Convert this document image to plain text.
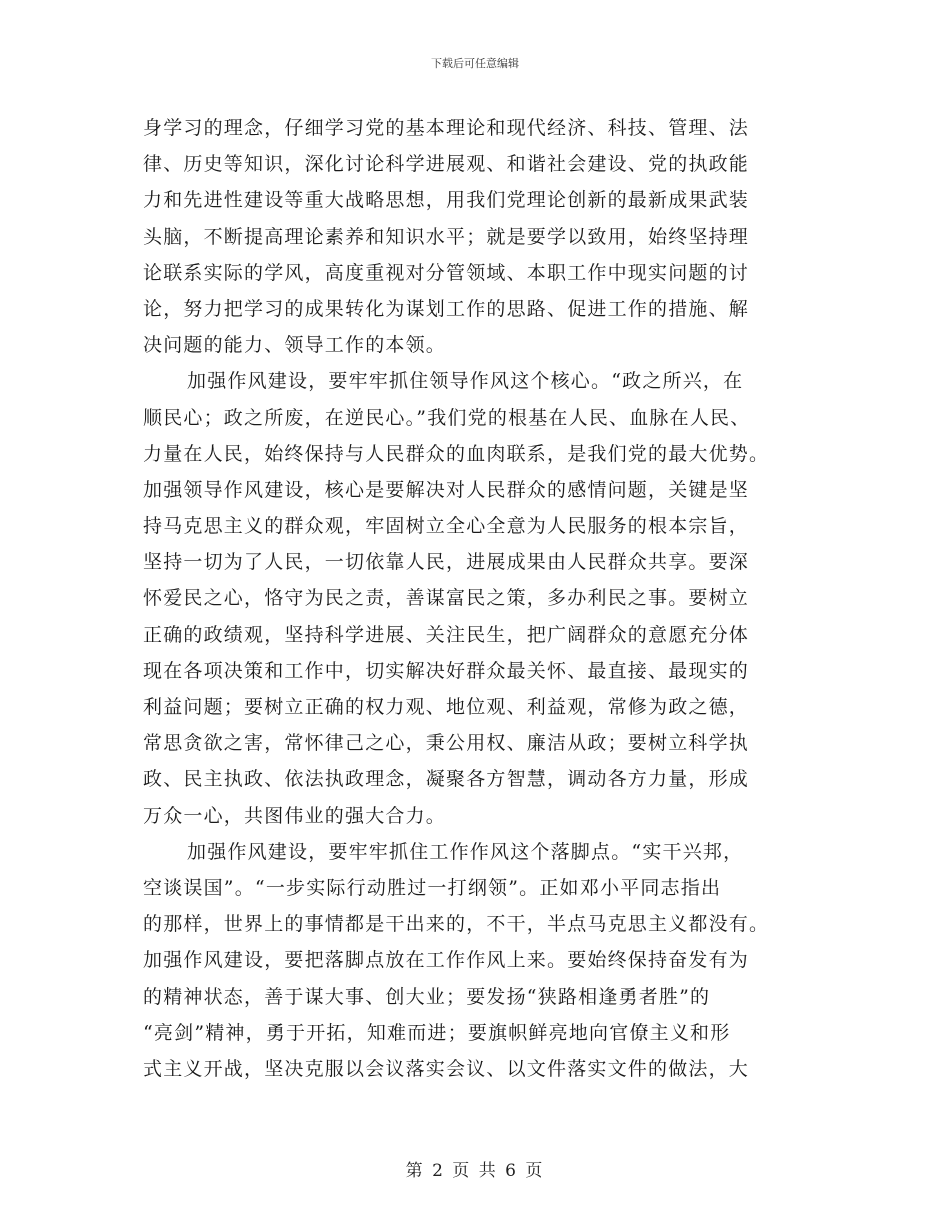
下载后可任意编辑
身学习的理念，仔细学习党的基本理论和现代经济、科技、管理、法
律、历史等知识，深化讨论科学进展观、和谐社会建设、党的执政能
力和先进性建设等重大战略思想，用我们党理论创新的最新成果武装
头脑，不断提高理论素养和知识水平；就是要学以致用，始终坚持理
论联系实际的学风，高度重视对分管领域、本职工作中现实问题的讨
论，努力把学习的成果转化为谋划工作的思路、促进工作的措施、解
决问题的能力、领导工作的本领。
加强作风建设，要牢牢抓住领导作风这个核心。“政之所兴，在
顺民心；政之所废，在逆民心。”我们党的根基在人民、血脉在人民、
力量在人民，始终保持与人民群众的血肉联系，是我们党的最大优势。
加强领导作风建设，核心是要解决对人民群众的感情问题，关键是坚
持马克思主义的群众观，牢固树立全心全意为人民服务的根本宗旨，
坚持一切为了人民，一切依靠人民，进展成果由人民群众共享。要深
怀爱民之心，恪守为民之责，善谋富民之策，多办利民之事。要树立
正确的政绩观，坚持科学进展、关注民生，把广阔群众的意愿充分体
现在各项决策和工作中，切实解决好群众最关怀、最直接、最现实的
利益问题；要树立正确的权力观、地位观、利益观，常修为政之德，
常思贪欲之害，常怀律己之心，秉公用权、廉洁从政；要树立科学执
政、民主执政、依法执政理念，凝聚各方智慧，调动各方力量，形成
万众一心，共图伟业的强大合力。
加强作风建设，要牢牢抓住工作作风这个落脚点。“实干兴邦，
空谈误国”。“一步实际行动胜过一打纲领”。正如邓小平同志指出
的那样，世界上的事情都是干出来的，不干，半点马克思主义都没有。
加强作风建设，要把落脚点放在工作作风上来。要始终保持奋发有为
的精神状态，善于谋大事、创大业；要发扬“狭路相逢勇者胜”的
“亮剑”精神，勇于开拓，知难而进；要旗帜鲜亮地向官僚主义和形
式主义开战，坚决克服以会议落实会议、以文件落实文件的做法，大
第 2 页 共 6 页
